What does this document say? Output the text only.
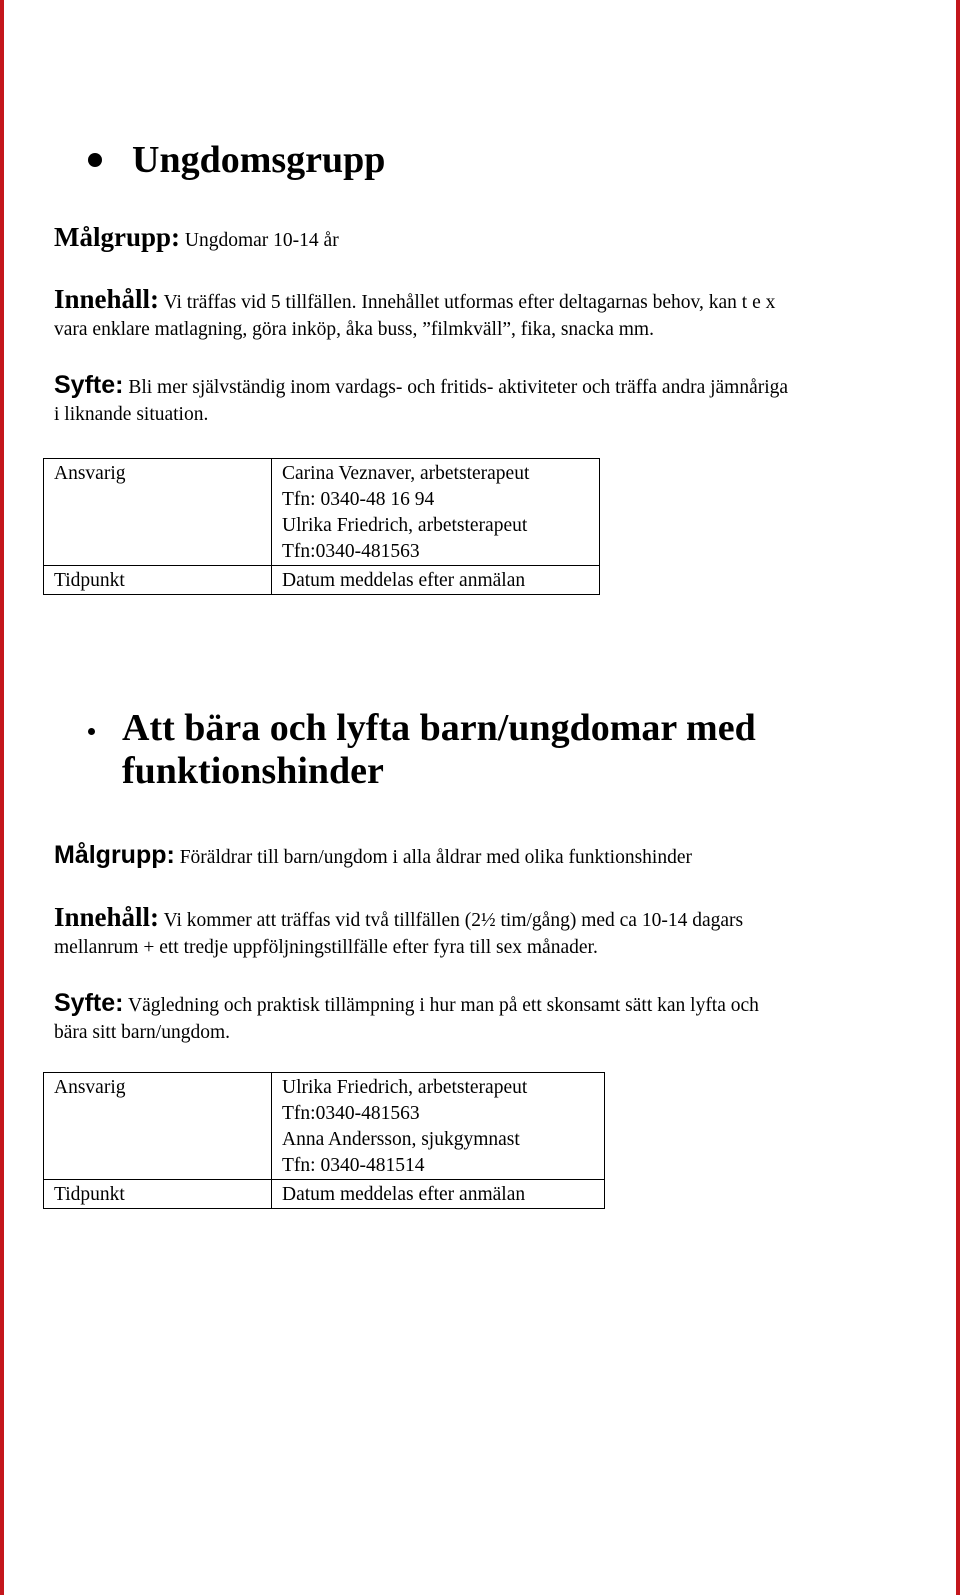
Ungdomsgrupp
Målgrupp: Ungdomar 10-14 år
Innehåll: Vi träffas vid 5 tillfällen. Innehållet utformas efter deltagarnas behov, kan t e x
vara enklare matlagning, göra inköp, åka buss, ”filmkväll”, fika, snacka mm.
Syfte: Bli mer självständig inom vardags- och fritids- aktiviteter och träffa andra jämnåriga
i liknande situation.
Ansvarig	Carina Veznaver, arbetsterapeut
Tfn: 0340-48 16 94
Ulrika Friedrich, arbetsterapeut
Tfn:0340-481563

Tidpunkt	Datum meddelas efter anmälan
Att bära och lyfta barn/ungdomar med
funktionshinder
Målgrupp: Föräldrar till barn/ungdom i alla åldrar med olika funktionshinder
Innehåll: Vi kommer att träffas vid två tillfällen (2½ tim/gång) med ca 10-14 dagars
mellanrum + ett tredje uppföljningstillfälle efter fyra till sex månader.
Syfte: Vägledning och praktisk tillämpning i hur man på ett skonsamt sätt kan lyfta och
bära sitt barn/ungdom.
Ansvarig	Ulrika Friedrich, arbetsterapeut
Tfn:0340-481563
Anna Andersson, sjukgymnast
Tfn: 0340-481514

Tidpunkt	Datum meddelas efter anmälan
